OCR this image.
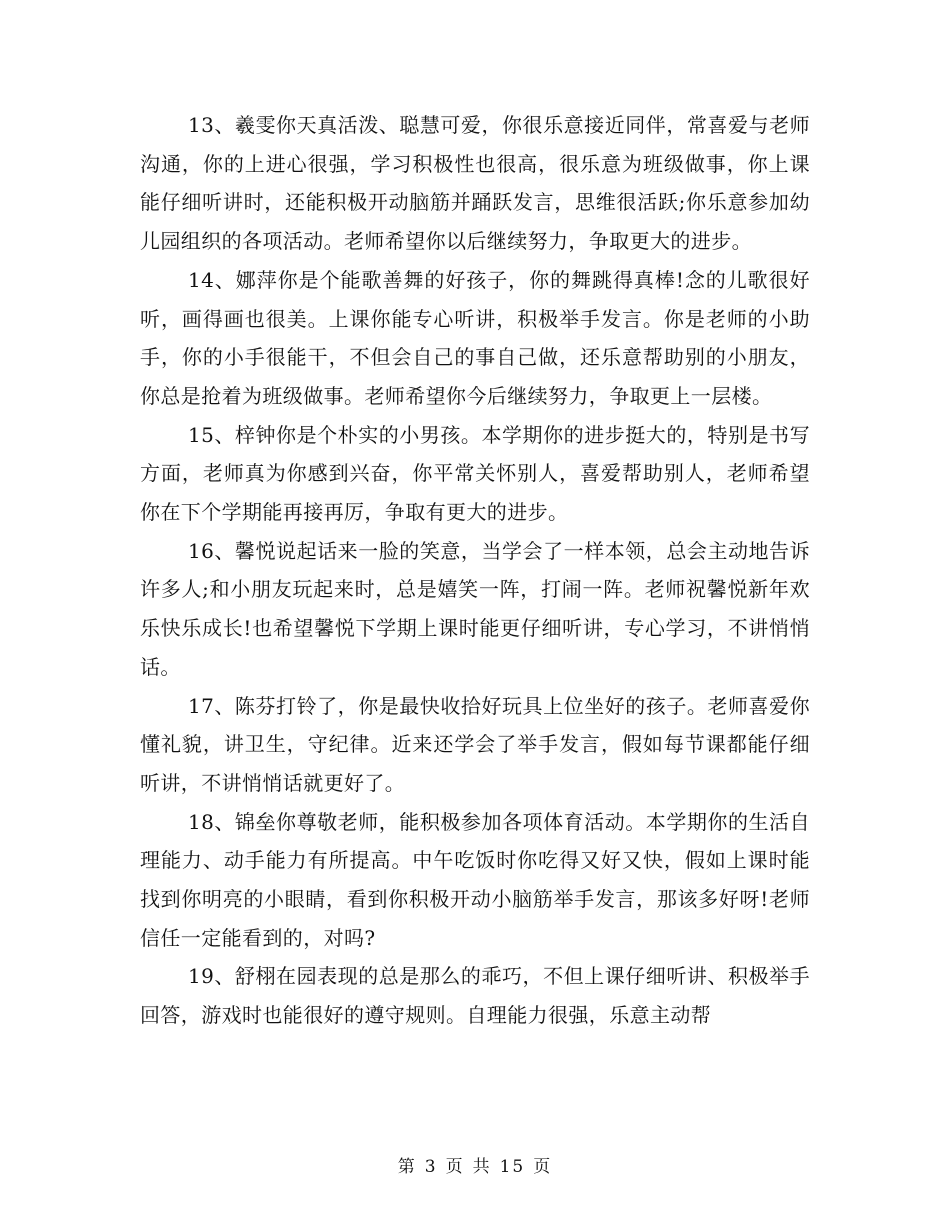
13、羲雯你天真活泼、聪慧可爱，你很乐意接近同伴，常喜爱与老师沟通，你的上进心很强，学习积极性也很高，很乐意为班级做事，你上课能仔细听讲时，还能积极开动脑筋并踊跃发言，思维很活跃;你乐意参加幼儿园组织的各项活动。老师希望你以后继续努力，争取更大的进步。

14、娜萍你是个能歌善舞的好孩子，你的舞跳得真棒!念的儿歌很好听，画得画也很美。上课你能专心听讲，积极举手发言。你是老师的小助手，你的小手很能干，不但会自己的事自己做，还乐意帮助别的小朋友，你总是抢着为班级做事。老师希望你今后继续努力，争取更上一层楼。

15、梓钟你是个朴实的小男孩。本学期你的进步挺大的，特别是书写方面，老师真为你感到兴奋，你平常关怀别人，喜爱帮助别人，老师希望你在下个学期能再接再厉，争取有更大的进步。

16、馨悦说起话来一脸的笑意，当学会了一样本领，总会主动地告诉许多人;和小朋友玩起来时，总是嬉笑一阵，打闹一阵。老师祝馨悦新年欢乐快乐成长!也希望馨悦下学期上课时能更仔细听讲，专心学习，不讲悄悄话。

17、陈芬打铃了，你是最快收拾好玩具上位坐好的孩子。老师喜爱你懂礼貌，讲卫生，守纪律。近来还学会了举手发言，假如每节课都能仔细听讲，不讲悄悄话就更好了。

18、锦垒你尊敬老师，能积极参加各项体育活动。本学期你的生活自理能力、动手能力有所提高。中午吃饭时你吃得又好又快，假如上课时能找到你明亮的小眼睛，看到你积极开动小脑筋举手发言，那该多好呀!老师信任一定能看到的，对吗?

19、舒栩在园表现的总是那么的乖巧，不但上课仔细听讲、积极举手回答，游戏时也能很好的遵守规则。自理能力很强，乐意主动帮

第 3 页 共 15 页
